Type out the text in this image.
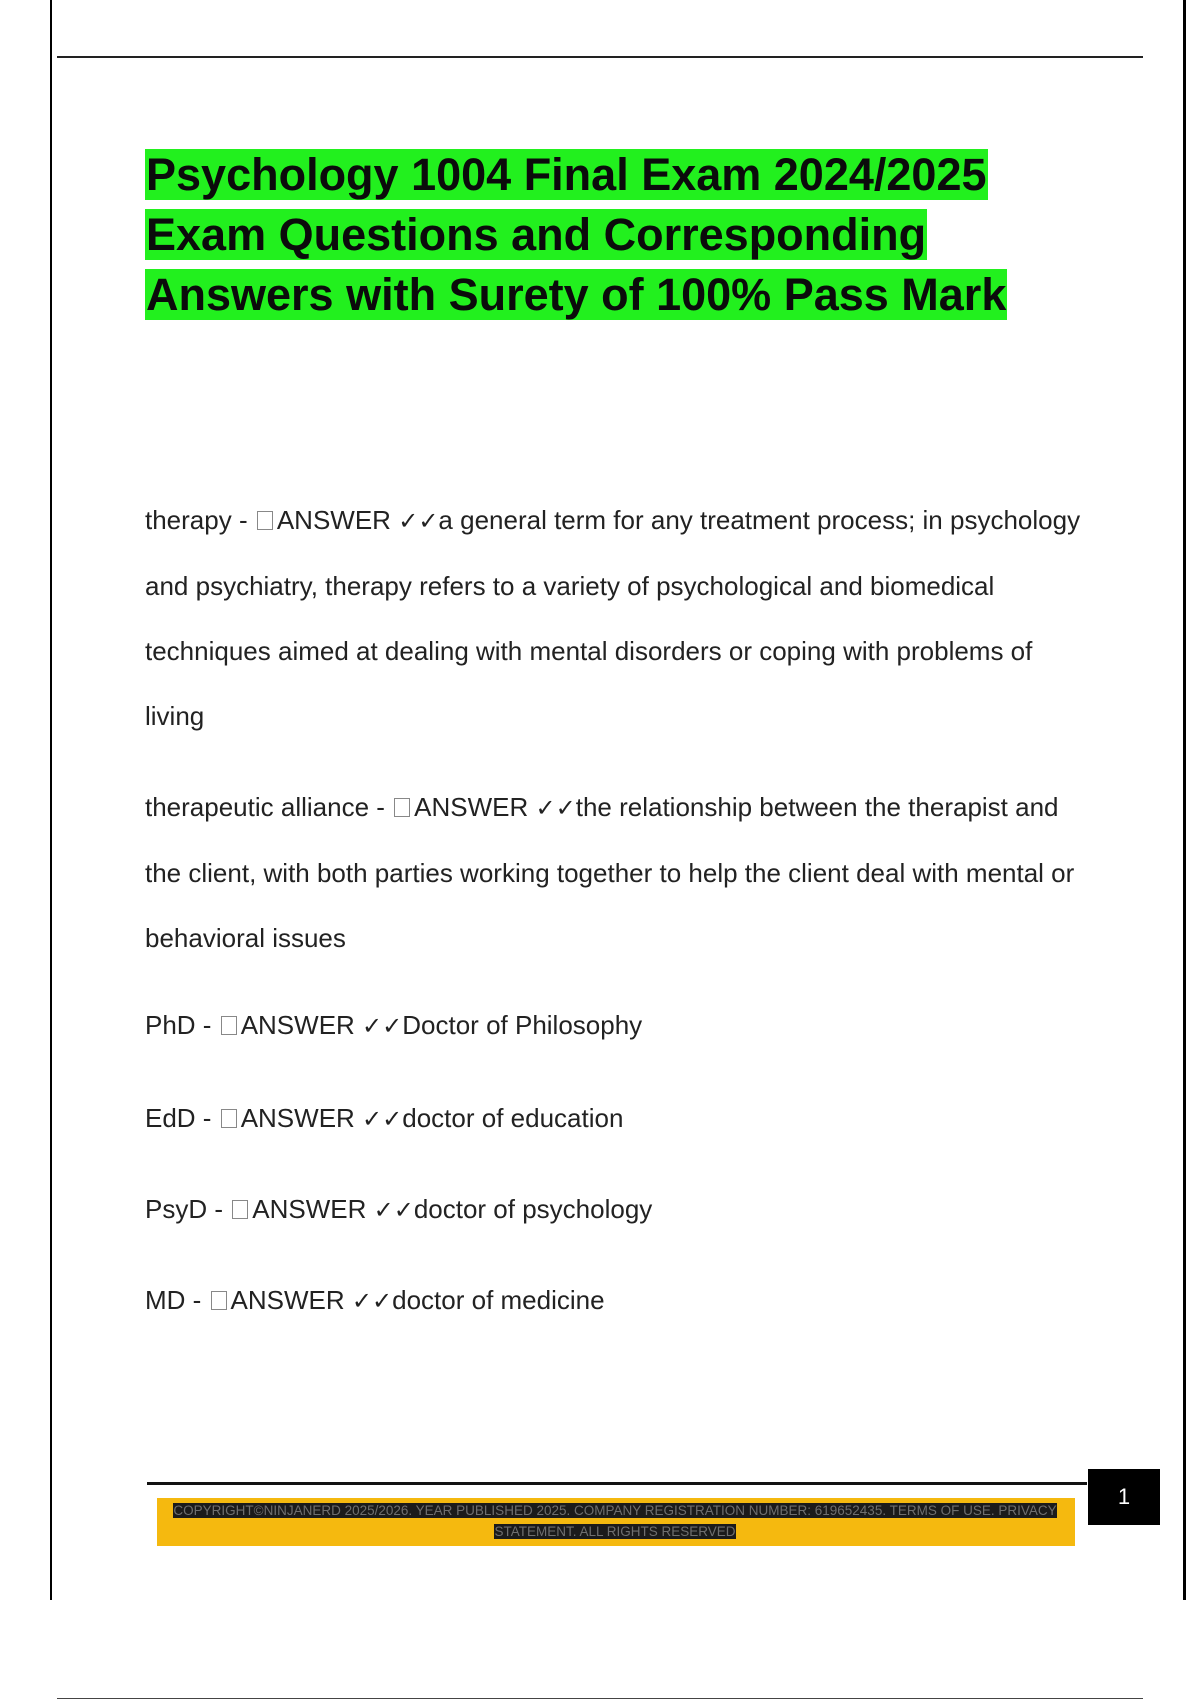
Psychology 1004 Final Exam 2024/2025
Exam Questions and Corresponding
Answers with Surety of 100% Pass Mark

therapy - ANSWER ✓✓a general term for any treatment process; in psychology and psychiatry, therapy refers to a variety of psychological and biomedical techniques aimed at dealing with mental disorders or coping with problems of living

therapeutic alliance - ANSWER ✓✓the relationship between the therapist and the client, with both parties working together to help the client deal with mental or behavioral issues

PhD - ANSWER ✓✓Doctor of Philosophy

EdD - ANSWER ✓✓doctor of education

PsyD - ANSWER ✓✓doctor of psychology

MD - ANSWER ✓✓doctor of medicine

1
COPYRIGHT©NINJANERD 2025/2026. YEAR PUBLISHED 2025. COMPANY REGISTRATION NUMBER: 619652435. TERMS OF USE. PRIVACY
STATEMENT. ALL RIGHTS RESERVED
